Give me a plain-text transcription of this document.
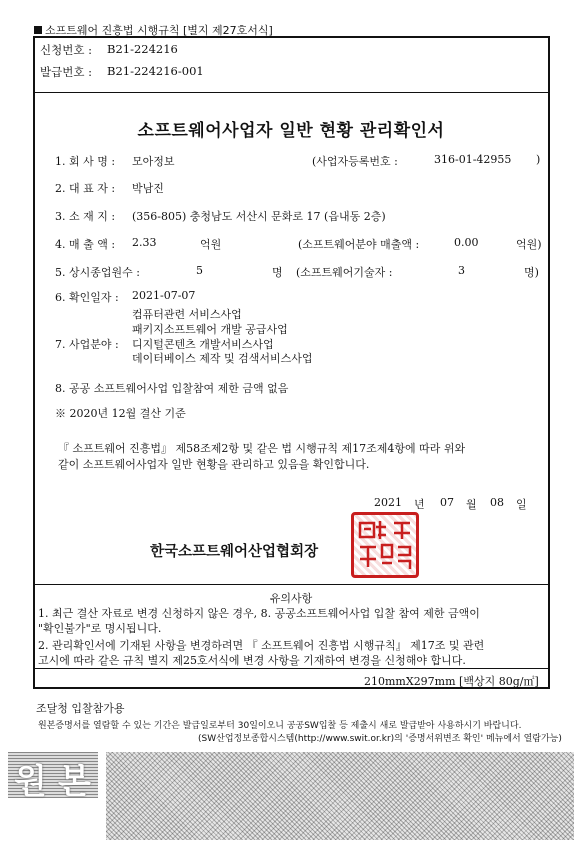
소프트웨어 진흥법 시행규칙 [별지 제27호서식]
신청번호 : B21-224216
발급번호 : B21-224216-001
소프트웨어사업자 일반 현황 관리확인서
1. 회 사 명 : 모아정보	(사업자등록번호 :	316-01-42955 )
2. 대 표 자 : 박남진
3. 소 재 지 : (356-805) 충청남도 서산시 문화로 17 (읍내동 2층)
4. 매 출 액 : 2.33	억원	(소프트웨어분야 매출액 :	0.00	억원)
5. 상시종업원수 :	5	명 (소프트웨어기술자 :	3	명)
6. 확인일자 : 2021-07-07
컴퓨터관련 서비스사업
패키지소프트웨어 개발 공급사업
7. 사업분야 : 디지털콘텐츠 개발서비스사업
데이터베이스 제작 및 검색서비스사업
8. 공공 소프트웨어사업 입찰참여 제한 금액 없음
※ 2020년 12월 결산 기준
『 소프트웨어 진흥법』 제58조제2항 및 같은 법 시행규칙 제17조제4항에 따라 위와
같이 소프트웨어사업자 일반 현황을 관리하고 있음을 확인합니다.
2021 년 07 월 08 일
한국소프트웨어산업협회장
유의사항
1. 최근 결산 자료로 변경 신청하지 않은 경우, 8. 공공소프트웨어사업 입찰 참여 제한 금액이
"확인불가"로 명시됩니다.
2. 관리확인서에 기재된 사항을 변경하려면 『 소프트웨어 진흥법 시행규칙』 제17조 및 관련
고시에 따라 같은 규칙 별지 제25호서식에 변경 사항을 기재하여 변경을 신청해야 합니다.
210mmX297mm [백상지 80g/㎡]
조달청 입찰참가용
원본증명서를 열람할 수 있는 기간은 발급일로부터 30일이오니 공공SW입찰 등 제출시 새로 발급받아 사용하시기 바랍니다.
(SW산업정보종합시스템(http://www.swit.or.kr)의 '증명서위변조 확인' 메뉴에서 열람가능)
원 본
